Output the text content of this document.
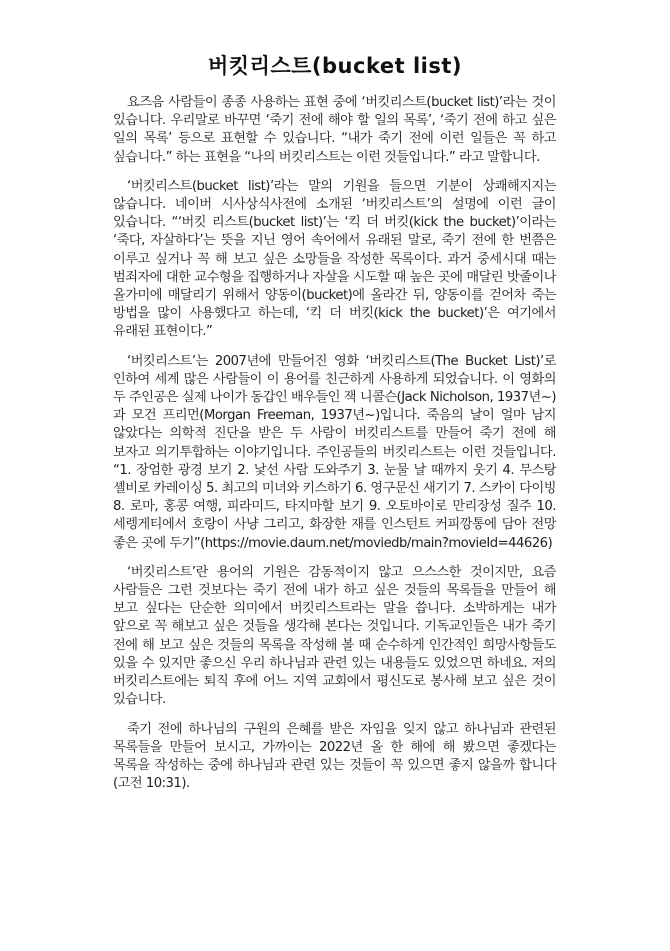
버킷리스트(bucket list)

요즈음 사람들이 종종 사용하는 표현 중에 ‘버킷리스트(bucket list)’라는 것이 있습니다. 우리말로 바꾸면 ‘죽기 전에 해야 할 일의 목록’, ‘죽기 전에 하고 싶은 일의 목록’ 등으로 표현할 수 있습니다. “내가 죽기 전에 이런 일들은 꼭 하고 싶습니다.” 하는 표현을 “나의 버킷리스트는 이런 것들입니다.” 라고 말합니다.

‘버킷리스트(bucket list)’라는 말의 기원을 들으면 기분이 상쾌해지지는 않습니다. 네이버 시사상식사전에 소개된 ‘버킷리스트’의 설명에 이런 글이 있습니다. “‘버킷 리스트(bucket list)’는 ‘킥 더 버킷(kick the bucket)’이라는 ‘죽다, 자살하다’는 뜻을 지닌 영어 속어에서 유래된 말로, 죽기 전에 한 번쯤은 이루고 싶거나 꼭 해 보고 싶은 소망들을 작성한 목록이다. 과거 중세시대 때는 범죄자에 대한 교수형을 집행하거나 자살을 시도할 때 높은 곳에 매달린 밧줄이나 올가미에 매달리기 위해서 양동이(bucket)에 올라간 뒤, 양동이를 걷어차 죽는 방법을 많이 사용했다고 하는데, ‘킥 더 버킷(kick the bucket)’은 여기에서 유래된 표현이다.”

‘버킷리스트’는 2007년에 만들어진 영화 ‘버킷리스트(The Bucket List)’로 인하여 세계 많은 사람들이 이 용어를 친근하게 사용하게 되었습니다. 이 영화의 두 주인공은 실제 나이가 동갑인 배우들인 잭 니콜슨(Jack Nicholson, 1937년~)과 모건 프리먼(Morgan Freeman, 1937년~)입니다. 죽음의 날이 얼마 남지 않았다는 의학적 진단을 받은 두 사람이 버킷리스트를 만들어 죽기 전에 해 보자고 의기투합하는 이야기입니다. 주인공들의 버킷리스트는 이런 것들입니다. “1. 장엄한 광경 보기 2. 낯선 사람 도와주기 3. 눈물 날 때까지 웃기 4. 무스탕 셸비로 카레이싱 5. 최고의 미녀와 키스하기 6. 영구문신 새기기 7. 스카이 다이빙 8. 로마, 홍콩 여행, 피라미드, 타지마할 보기 9. 오토바이로 만리장성 질주 10. 세렝게티에서 호랑이 사냥 그리고, 화장한 재를 인스턴트 커피깡통에 담아 전망 좋은 곳에 두기”(https://movie.daum.net/moviedb/main?movieId=44626)

‘버킷리스트’란 용어의 기원은 감동적이지 않고 으스스한 것이지만, 요즘 사람들은 그런 것보다는 죽기 전에 내가 하고 싶은 것들의 목록들을 만들어 해 보고 싶다는 단순한 의미에서 버킷리스트라는 말을 씁니다. 소박하게는 내가 앞으로 꼭 해보고 싶은 것들을 생각해 본다는 것입니다. 기독교인들은 내가 죽기 전에 해 보고 싶은 것들의 목록을 작성해 볼 때 순수하게 인간적인 희망사항들도 있을 수 있지만 좋으신 우리 하나님과 관련 있는 내용들도 있었으면 하네요. 저의 버킷리스트에는 퇴직 후에 어느 지역 교회에서 평신도로 봉사해 보고 싶은 것이 있습니다.

죽기 전에 하나님의 구원의 은혜를 받은 자임을 잊지 않고 하나님과 관련된 목록들을 만들어 보시고, 가까이는 2022년 올 한 해에 해 봤으면 좋겠다는 목록을 작성하는 중에 하나님과 관련 있는 것들이 꼭 있으면 좋지 않을까 합니다(고전 10:31).
